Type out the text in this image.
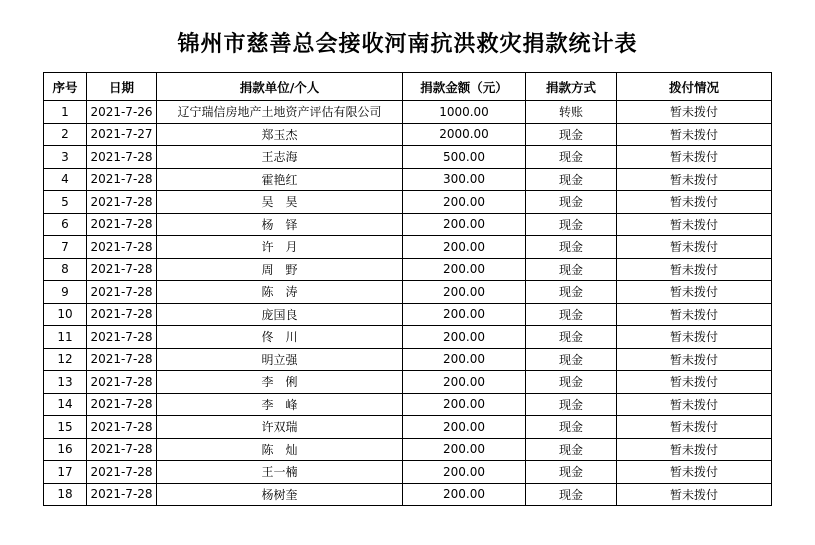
锦州市慈善总会接收河南抗洪救灾捐款统计表
序号	日期	捐款单位/个人	捐款金额（元）	捐款方式	拨付情况
1	2021-7-26	辽宁瑞信房地产土地资产评估有限公司	1000.00	转账	暂未拨付
2	2021-7-27	郑玉杰	2000.00	现金	暂未拨付
3	2021-7-28	王志海	500.00	现金	暂未拨付
4	2021-7-28	霍艳红	300.00	现金	暂未拨付
5	2021-7-28	吴　昊	200.00	现金	暂未拨付
6	2021-7-28	杨　铎	200.00	现金	暂未拨付
7	2021-7-28	许　月	200.00	现金	暂未拨付
8	2021-7-28	周　野	200.00	现金	暂未拨付
9	2021-7-28	陈　涛	200.00	现金	暂未拨付
10	2021-7-28	庞国良	200.00	现金	暂未拨付
11	2021-7-28	佟　川	200.00	现金	暂未拨付
12	2021-7-28	明立强	200.00	现金	暂未拨付
13	2021-7-28	李　俐	200.00	现金	暂未拨付
14	2021-7-28	李　峰	200.00	现金	暂未拨付
15	2021-7-28	许双瑞	200.00	现金	暂未拨付
16	2021-7-28	陈　灿	200.00	现金	暂未拨付
17	2021-7-28	王一楠	200.00	现金	暂未拨付
18	2021-7-28	杨树奎	200.00	现金	暂未拨付
